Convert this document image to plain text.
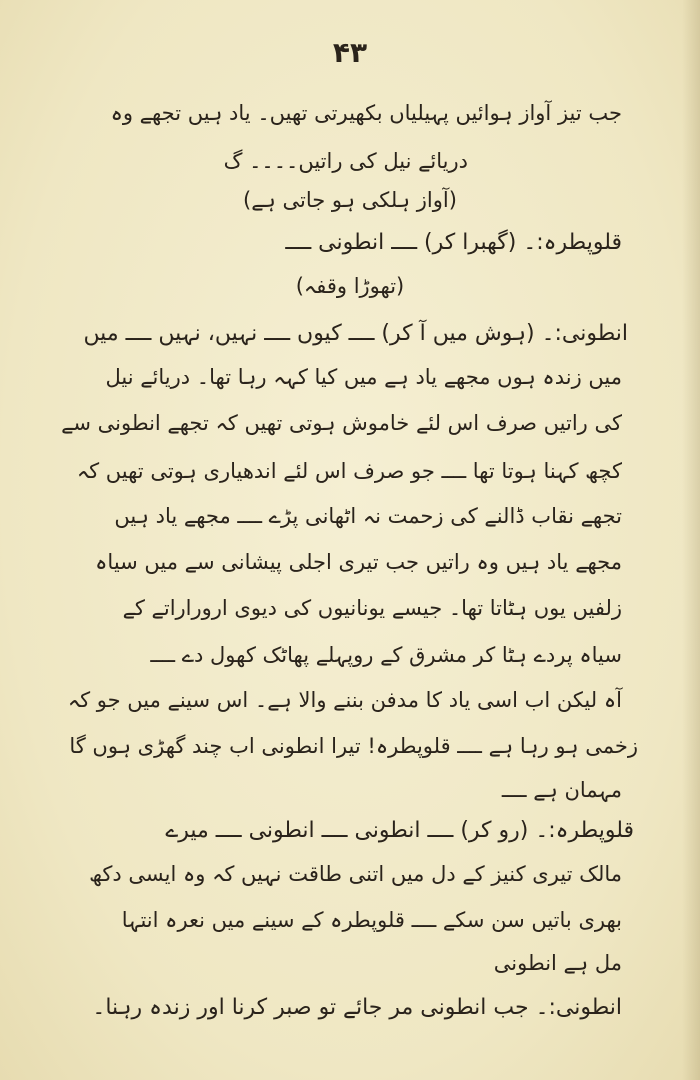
۴۳
جب تیز آواز ہوائیں پہیلیاں بکھیرتی تھیں۔ یاد ہیں تجھے وہ
دریائے نیل کی راتیں۔۔۔۔ گ
(آواز ہلکی ہو جاتی ہے)
قلوپطرہ:۔ (گھبرا کر) ــــ انطونی ــــ
(تھوڑا وقفہ)
انطونی:۔ (ہوش میں آ کر) ــــ کیوں ــــ نہیں، نہیں ــــ میں
میں زندہ ہوں مجھے یاد ہے میں کیا کہہ رہا تھا۔ دریائے نیل
کی راتیں صرف اس لئے خاموش ہوتی تھیں کہ تجھے انطونی سے
کچھ کہنا ہوتا تھا ــــ جو صرف اس لئے اندھیاری ہوتی تھیں کہ
تجھے نقاب ڈالنے کی زحمت نہ اٹھانی پڑے ــــ مجھے یاد ہیں
مجھے یاد ہیں وہ راتیں جب تیری اجلی پیشانی سے میں سیاہ
زلفیں یوں ہٹاتا تھا۔ جیسے یونانیوں کی دیوی اروراراتے کے
سیاہ پردے ہٹا کر مشرق کے روپہلے پھاٹک کھول دے ــــ
آہ لیکن اب اسی یاد کا مدفن بننے والا ہے۔ اس سینے میں جو کہ
زخمی ہو رہا ہے ــــ قلوپطرہ! تیرا انطونی اب چند گھڑی ہوں گا
مہمان ہے ــــ
قلوپطرہ:۔ (رو کر) ــــ انطونی ــــ انطونی ــــ میرے
مالک تیری کنیز کے دل میں اتنی طاقت نہیں کہ وہ ایسی دکھ
بھری باتیں سن سکے ــــ قلوپطرہ کے سینے میں نعرہ انتہا
مل ہے انطونی
انطونی:۔ جب انطونی مر جائے تو صبر کرنا اور زندہ رہنا۔
